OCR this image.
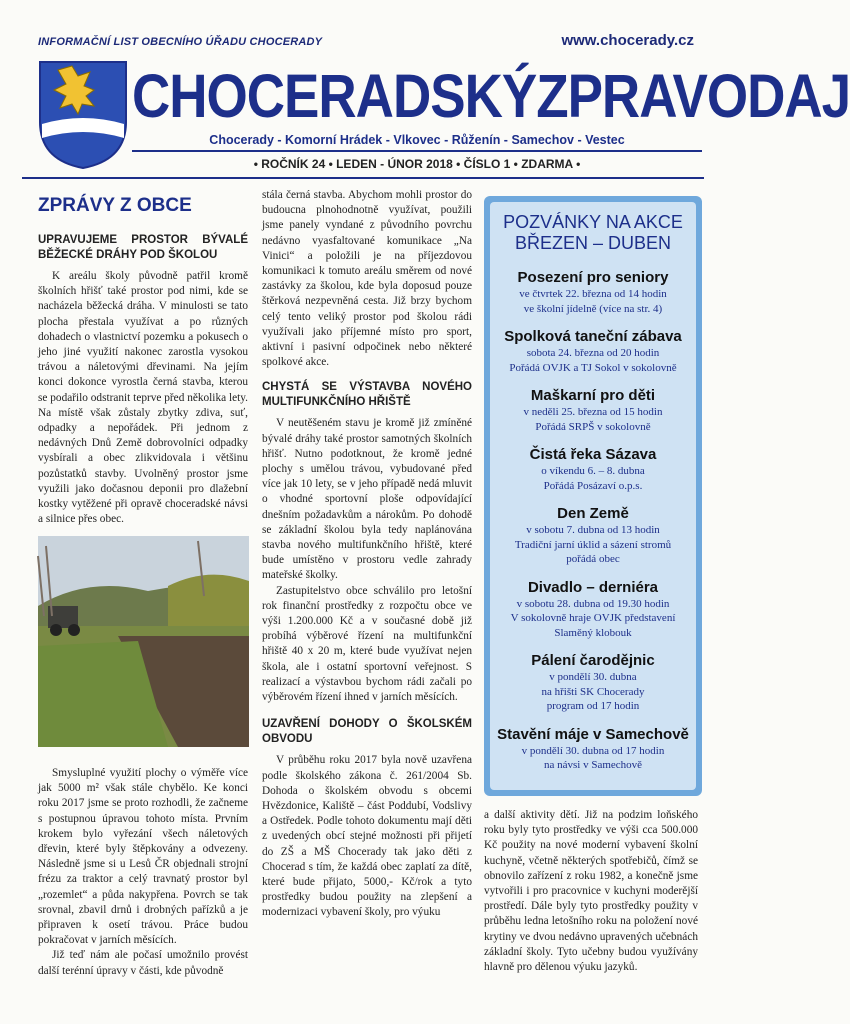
INFORMAČNÍ LIST OBECNÍHO ÚŘADU CHOCERADY	www.chocerady.cz
CHOCERADSKÝ ZPRAVODAJ
Chocerady - Komorní Hrádek - Vlkovec - Růženín - Samechov - Vestec
• ROČNÍK 24 • LEDEN - ÚNOR 2018 • ČÍSLO 1 • ZDARMA •
ZPRÁVY Z OBCE
UPRAVUJEME PROSTOR BÝVALÉ BĚŽECKÉ DRÁHY POD ŠKOLOU

K areálu školy původně patřil kromě školních hřišť také prostor pod nimi, kde se nacházela běžecká dráha. V minulosti se tato plocha přestala využívat a po různých dohadech o vlastnictví pozemku a pokusech o jeho jiné využití nakonec zarostla vysokou trávou a náletovými dřevinami. Na jejím konci dokonce vyrostla černá stavba, kterou se podařilo odstranit teprve před několika lety. Na místě však zůstaly zbytky zdiva, suť, odpadky a nepořádek. Při jednom z nedávných Dnů Země dobrovolníci odpadky vysbírali a obec zlikvidovala i většinu pozůstatků stavby. Uvolněný prostor jsme využili jako dočasnou deponii pro dlažební kostky vytěžené při opravě choceradské návsi a silnice přes obec.

Smysluplné využití plochy o výměře více jak 5000 m² však stále chybělo. Ke konci roku 2017 jsme se proto rozhodli, že začneme s postupnou úpravou tohoto místa. Prvním krokem bylo vyřezání všech náletových dřevin, které byly štěpkovány a odvezeny. Následně jsme si u Lesů ČR objednali strojní frézu za traktor a celý travnatý prostor byl „rozemlet“ a půda nakypřena. Povrch se tak srovnal, zbavil drnů i drobných pařízků a je připraven k osetí trávou. Práce budou pokračovat v jarních měsících.

Již teď nám ale počasí umožnilo provést další terénní úpravy v části, kde původně

stála černá stavba. Abychom mohli prostor do budoucna plnohodnotně využívat, použili jsme panely vyndané z původního povrchu nedávno vyasfaltované komunikace „Na Vinici“ a položili je na příjezdovou komunikaci k tomuto areálu směrem od nové zastávky za školou, kde byla doposud pouze štěrková nezpevněná cesta. Již brzy bychom celý tento veliký prostor pod školou rádi využívali jako příjemné místo pro sport, aktivní i pasivní odpočinek nebo některé spolkové akce.

CHYSTÁ SE VÝSTAVBA NOVÉHO MULTIFUNKČNÍHO HŘIŠTĚ

V neutěšeném stavu je kromě již zmíněné bývalé dráhy také prostor samotných školních hřišť. Nutno podotknout, že kromě jedné plochy s umělou trávou, vybudované před více jak 10 lety, se v jeho případě nedá mluvit o vhodné sportovní ploše odpovídající dnešním požadavkům a nárokům. Po dohodě se základní školou byla tedy naplánována stavba nového multifunkčního hřiště, které bude umístěno v prostoru vedle zahrady mateřské školky.

Zastupitelstvo obce schválilo pro letošní rok finanční prostředky z rozpočtu obce ve výši 1.200.000 Kč a v současné době již probíhá výběrové řízení na multifunkční hřiště 40 x 20 m, které bude využívat nejen škola, ale i ostatní sportovní veřejnost. S realizací a výstavbou bychom rádi začali po výběrovém řízení ihned v jarních měsících.

UZAVŘENÍ DOHODY O ŠKOLSKÉM OBVODU

V průběhu roku 2017 byla nově uzavřena podle školského zákona č. 261/2004 Sb. Dohoda o školském obvodu s obcemi Hvězdonice, Kaliště – část Poddubí, Vodslivy a Ostředek. Podle tohoto dokumentu mají děti z uvedených obcí stejné možnosti při přijetí do ZŠ a MŠ Chocerady tak jako děti z Chocerad s tím, že každá obec zaplatí za dítě, které bude přijato, 5000,- Kč/rok a tyto prostředky budou použity na zlepšení a modernizaci vybavení školy, pro výuku

POZVÁNKY NA AKCE
BŘEZEN – DUBEN
Posezení pro seniory
ve čtvrtek 22. března od 14 hodin
ve školní jídelně (více na str. 4)
Spolková taneční zábava
sobota 24. března od 20 hodin
Pořádá OVJK a TJ Sokol v sokolovně
Maškarní pro děti
v neděli 25. března od 15 hodin
Pořádá SRPŠ v sokolovně
Čistá řeka Sázava
o víkendu 6. – 8. dubna
Pořádá Posázaví o.p.s.
Den Země
v sobotu 7. dubna od 13 hodin
Tradiční jarní úklid a sázení stromů
pořádá obec
Divadlo – derniéra
v sobotu 28. dubna od 19.30 hodin
V sokolovně hraje OVJK představení
Slaměný klobouk
Pálení čarodějnic
v pondělí 30. dubna
na hřišti SK Chocerady
program od 17 hodin
Stavění máje v Samechově
v pondělí 30. dubna od 17 hodin
na návsi v Samechově

a další aktivity dětí. Již na podzim loňského roku byly tyto prostředky ve výši cca 500.000 Kč použity na nové moderní vybavení školní kuchyně, včetně některých spotřebičů, čímž se obnovilo zařízení z roku 1982, a konečně jsme vytvořili i pro pracovnice v kuchyni moderější prostředí. Dále byly tyto prostředky použity v průběhu ledna letošního roku na položení nové krytiny ve dvou nedávno upravených učebnách základní školy. Tyto učebny budou využívány hlavně pro dělenou výuku jazyků.
